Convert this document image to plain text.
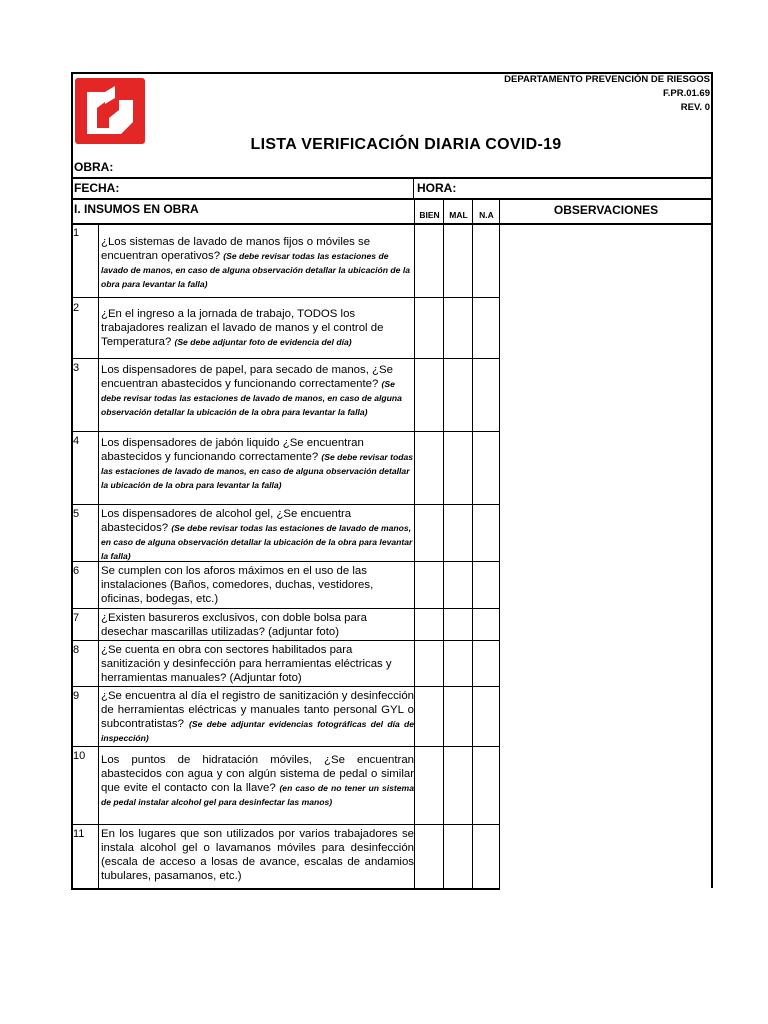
DEPARTAMENTO PREVENCIÓN DE RIESGOS
F.PR.01.69
REV. 0
LISTA VERIFICACIÓN DIARIA COVID-19
OBRA:
FECHA:	HORA:
I. INSUMOS EN OBRA	BIEN	MAL	N.A	OBSERVACIONES
1
¿Los sistemas de lavado de manos fijos o móviles se encuentran operativos? (Se debe revisar todas las estaciones de lavado de manos, en caso de alguna observación detallar la ubicación de la obra para levantar la falla)
2 ¿En el ingreso a la jornada de trabajo, TODOS los trabajadores realizan el lavado de manos y el control de Temperatura? (Se debe adjuntar foto de evidencia del día)
3 Los dispensadores de papel, para secado de manos, ¿Se encuentran abastecidos y funcionando correctamente? (Se debe revisar todas las estaciones de lavado de manos, en caso de alguna observación detallar la ubicación de la obra para levantar la falla)
4 Los dispensadores de jabón liquido ¿Se encuentran abastecidos y funcionando correctamente? (Se debe revisar todas las estaciones de lavado de manos, en caso de alguna observación detallar la ubicación de la obra para levantar la falla)
5 Los dispensadores de alcohol gel, ¿Se encuentra abastecidos? (Se debe revisar todas las estaciones de lavado de manos, en caso de alguna observación detallar la ubicación de la obra para levantar la falla)
6 Se cumplen con los aforos máximos en el uso de las instalaciones (Baños, comedores, duchas, vestidores, oficinas, bodegas, etc.)
7 ¿Existen basureros exclusivos, con doble bolsa para desechar mascarillas utilizadas? (adjuntar foto)
8 ¿Se cuenta en obra con sectores habilitados para sanitización y desinfección para herramientas eléctricas y herramientas manuales? (Adjuntar foto)
9 ¿Se encuentra al día el registro de sanitización y desinfección de herramientas eléctricas y manuales tanto personal GYL o subcontratistas? (Se debe adjuntar evidencias fotográficas del día de inspección)
10 Los puntos de hidratación móviles, ¿Se encuentran abastecidos con agua y con algún sistema de pedal o similar que evite el contacto con la llave? (en caso de no tener un sistema de pedal instalar alcohol gel para desinfectar las manos)
11 En los lugares que son utilizados por varios trabajadores se instala alcohol gel o lavamanos móviles para desinfección (escala de acceso a losas de avance, escalas de andamios tubulares, pasamanos, etc.)
